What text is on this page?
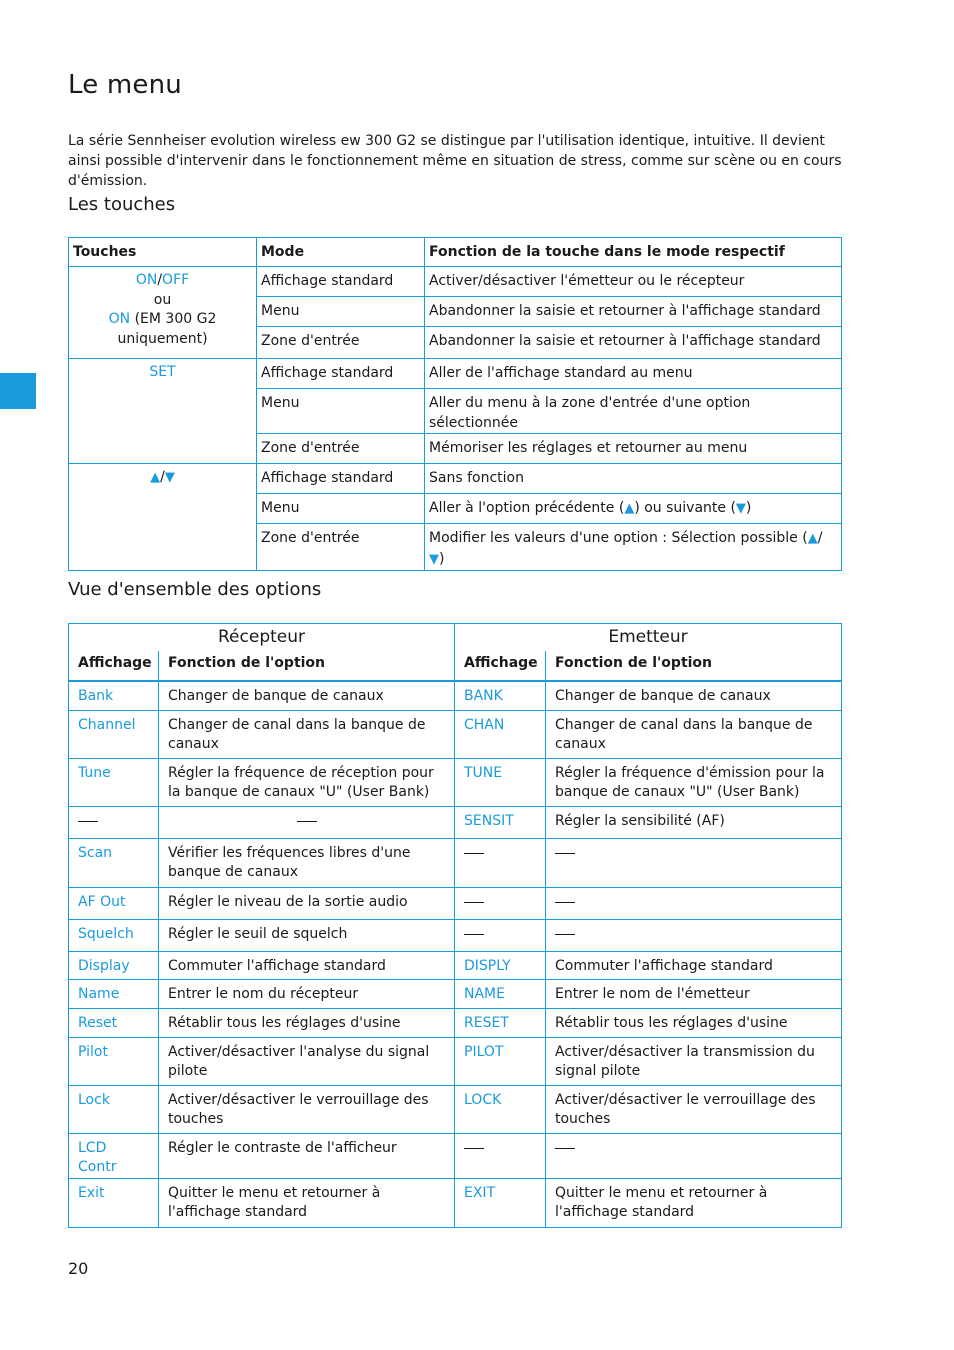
Le menu

La série Sennheiser evolution wireless ew 300 G2 se distingue par l'utilisation identique, intuitive. Il devient ainsi possible d'intervenir dans le fonctionnement même en situation de stress, comme sur scène ou en cours d'émission.

Les touches
Touches	Mode	Fonction de la touche dans le mode respectif
ON/OFF
ou
ON (EM 300 G2 uniquement)	Affichage standard	Activer/désactiver l'émetteur ou le récepteur
	Menu	Abandonner la saisie et retourner à l'affichage standard
	Zone d'entrée	Abandonner la saisie et retourner à l'affichage standard
SET	Affichage standard	Aller de l'affichage standard au menu
	Menu	Aller du menu à la zone d'entrée d'une option sélectionnée
	Zone d'entrée	Mémoriser les réglages et retourner au menu
▲/▼	Affichage standard	Sans fonction
	Menu	Aller à l'option précédente (▲) ou suivante (▼)
	Zone d'entrée	Modifier les valeurs d'une option : Sélection possible (▲/▼)
Vue d'ensemble des options
Récepteur		Emetteur	
Affichage	Fonction de l'option	Affichage	Fonction de l'option
Bank	Changer de banque de canaux	BANK	Changer de banque de canaux
Channel	Changer de canal dans la banque de canaux	CHAN	Changer de canal dans la banque de canaux
Tune	Régler la fréquence de réception pour la banque de canaux "U" (User Bank)	TUNE	Régler la fréquence d'émission pour la banque de canaux "U" (User Bank)
		SENSIT	Régler la sensibilité (AF)
Scan	Vérifier les fréquences libres d'une banque de canaux		
AF Out	Régler le niveau de la sortie audio		
Squelch	Régler le seuil de squelch		
Display	Commuter l'affichage standard	DISPLY	Commuter l'affichage standard
Name	Entrer le nom du récepteur	NAME	Entrer le nom de l'émetteur
Reset	Rétablir tous les réglages d'usine	RESET	Rétablir tous les réglages d'usine
Pilot	Activer/désactiver l'analyse du signal pilote	PILOT	Activer/désactiver la transmission du signal pilote
Lock	Activer/désactiver le verrouillage des touches	LOCK	Activer/désactiver le verrouillage des touches
LCD Contr	Régler le contraste de l'afficheur		
Exit	Quitter le menu et retourner à l'affichage standard	EXIT	Quitter le menu et retourner à l'affichage standard
20
